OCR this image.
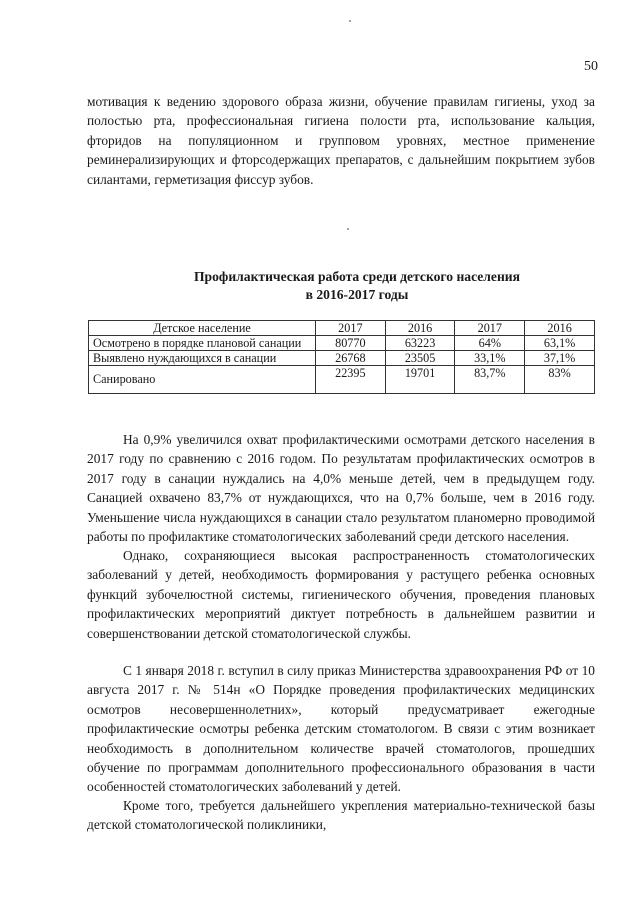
50

мотивация к ведению здорового образа жизни, обучение правилам гигиены, уход за полостью рта, профессиональная гигиена полости рта, использование кальция, фторидов на популяционном и групповом уровнях, местное применение реминерализирующих и фторсодержащих препаратов, с дальнейшим покрытием зубов силантами, герметизация фиссур зубов.

Профилактическая работа среди детского населения
в 2016-2017 годы
Детское население	2017	2016	2017	2016
Осмотрено в порядке плановой санации	80770	63223	64%	63,1%
Выявлено нуждающихся в санации	26768	23505	33,1%	37,1%
Санировано	22395	19701	83,7%	83%

На 0,9% увеличился охват профилактическими осмотрами детского населения в 2017 году по сравнению с 2016 годом. По результатам профилактических осмотров в 2017 году в санации нуждались на 4,0% меньше детей, чем в предыдущем году. Санацией охвачено 83,7% от нуждающихся, что на 0,7% больше, чем в 2016 году. Уменьшение числа нуждающихся в санации стало результатом планомерно проводимой работы по профилактике стоматологических заболеваний среди детского населения.

Однако, сохраняющиеся высокая распространенность стоматологических заболеваний у детей, необходимость формирования у растущего ребенка основных функций зубочелюстной системы, гигиенического обучения, проведения плановых профилактических мероприятий диктует потребность в дальнейшем развитии и совершенствовании детской стоматологической службы.

С 1 января 2018 г. вступил в силу приказ Министерства здравоохранения РФ от 10 августа 2017 г. № 514н «О Порядке проведения профилактических медицинских осмотров несовершеннолетних», который предусматривает ежегодные профилактические осмотры ребенка детским стоматологом. В связи с этим возникает необходимость в дополнительном количестве врачей стоматологов, прошедших обучение по программам дополнительного профессионального образования в части особенностей стоматологических заболеваний у детей.

Кроме того, требуется дальнейшего укрепления материально-технической базы детской стоматологической поликлиники,
